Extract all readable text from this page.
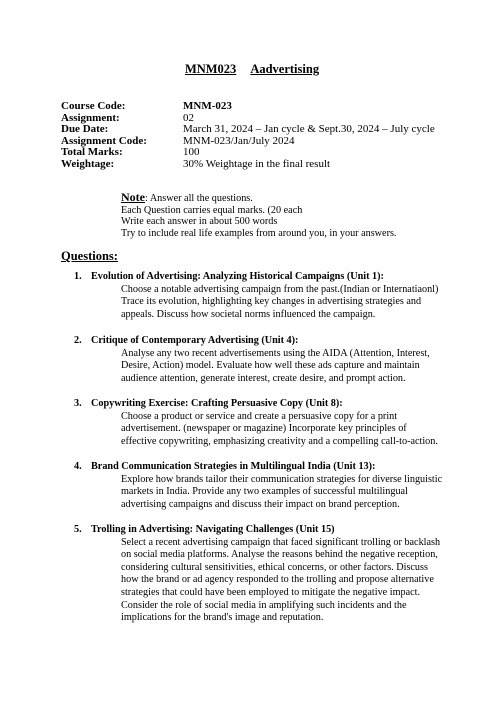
MNM023 Aadvertising
Course Code:	MNM-023
Assignment:	02
Due Date:	March 31, 2024 – Jan cycle & Sept.30, 2024 – July cycle
Assignment Code:	MNM-023/Jan/July 2024
Total Marks:	100
Weightage:	30% Weightage in the final result
Note: Answer all the questions.
Each Question carries equal marks. (20 each
Write each answer in about 500 words
Try to include real life examples from around you, in your answers.
Questions:
1. Evolution of Advertising: Analyzing Historical Campaigns (Unit 1):
Choose a notable advertising campaign from the past.(Indian or Internatiaonl)
Trace its evolution, highlighting key changes in advertising strategies and
appeals. Discuss how societal norms influenced the campaign.
2. Critique of Contemporary Advertising (Unit 4):
Analyse any two recent advertisements using the AIDA (Attention, Interest,
Desire, Action) model. Evaluate how well these ads capture and maintain
audience attention, generate interest, create desire, and prompt action.
3. Copywriting Exercise: Crafting Persuasive Copy (Unit 8):
Choose a product or service and create a persuasive copy for a print
advertisement. (newspaper or magazine) Incorporate key principles of
effective copywriting, emphasizing creativity and a compelling call-to-action.
4. Brand Communication Strategies in Multilingual India (Unit 13):
Explore how brands tailor their communication strategies for diverse linguistic
markets in India. Provide any two examples of successful multilingual
advertising campaigns and discuss their impact on brand perception.
5. Trolling in Advertising: Navigating Challenges (Unit 15)
Select a recent advertising campaign that faced significant trolling or backlash
on social media platforms. Analyse the reasons behind the negative reception,
considering cultural sensitivities, ethical concerns, or other factors. Discuss
how the brand or ad agency responded to the trolling and propose alternative
strategies that could have been employed to mitigate the negative impact.
Consider the role of social media in amplifying such incidents and the
implications for the brand's image and reputation.
